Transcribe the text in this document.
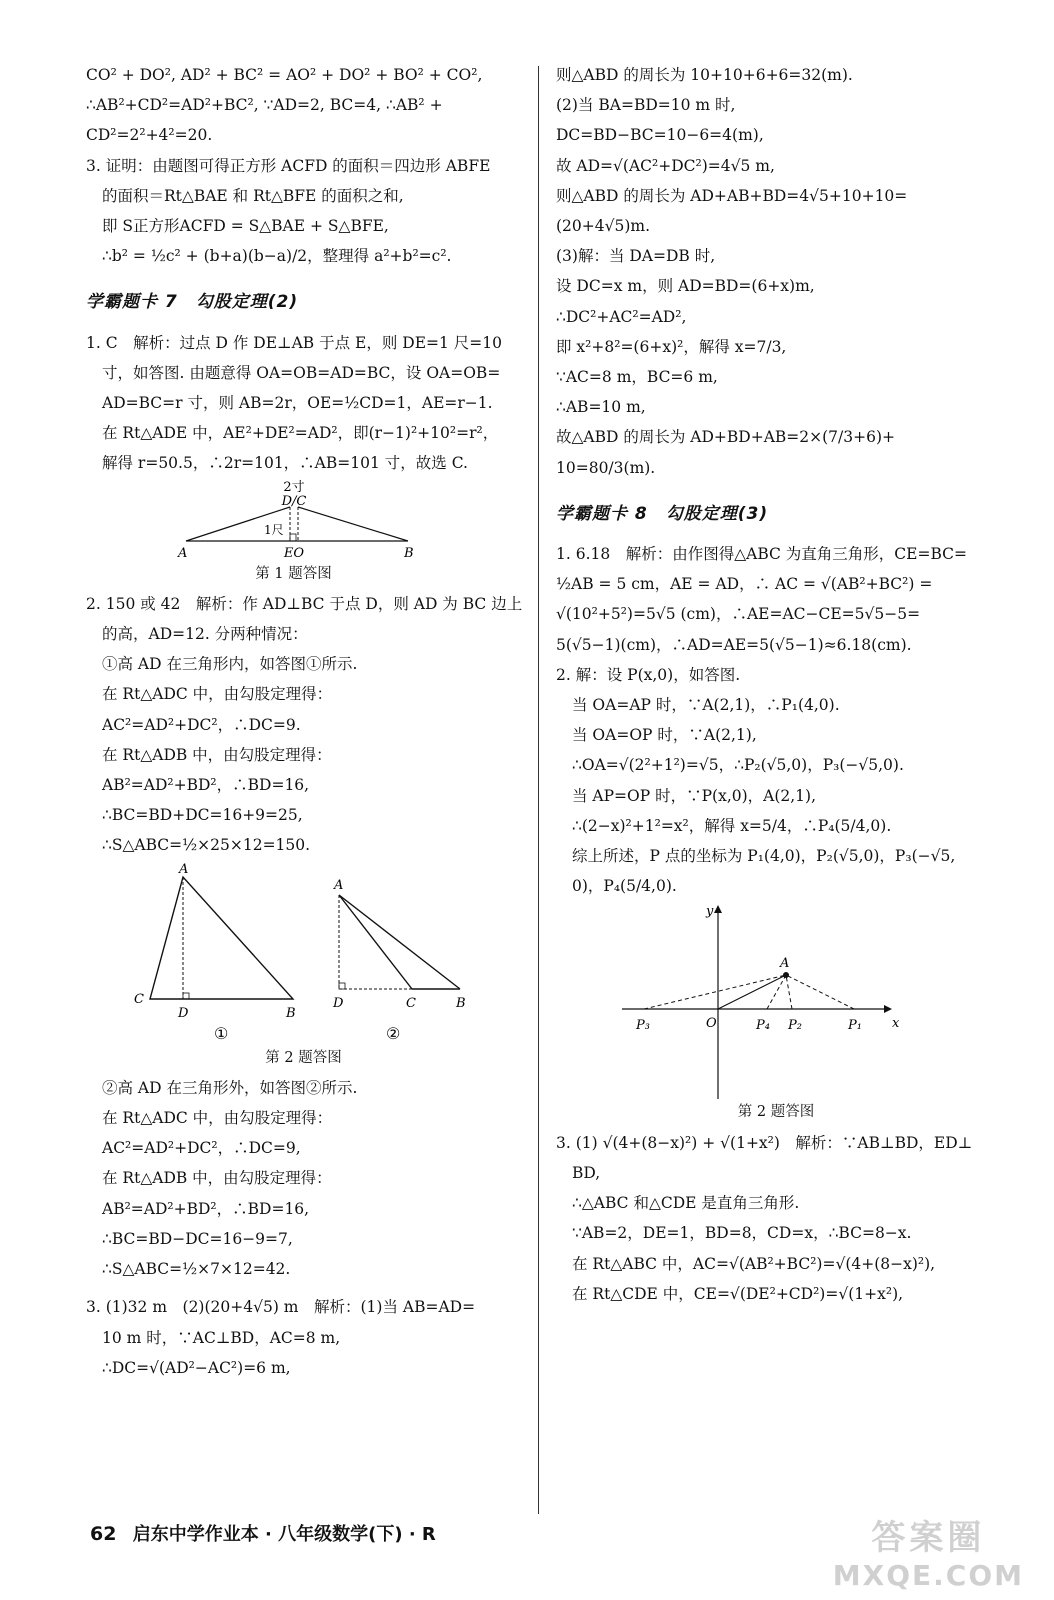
CO² + DO², AD² + BC² = AO² + DO² + BO² + CO²,
∴AB²+CD²=AD²+BC², ∵AD=2, BC=4, ∴AB² +
CD²=2²+4²=20.
3. 证明：由题图可得正方形 ACFD 的面积＝四边形 ABFE
的面积＝Rt△BAE 和 Rt△BFE 的面积之和,
即 S正方形ACFD = S△BAE + S△BFE,
∴b² = ½c² + (b+a)(b−a)/2，整理得 a²+b²=c².
学霸题卡 7　勾股定理(2)
1. C　解析：过点 D 作 DE⊥AB 于点 E，则 DE=1 尺=10
寸，如答图. 由题意得 OA=OB=AD=BC，设 OA=OB=
AD=BC=r 寸，则 AB=2r，OE=½CD=1，AE=r−1.
在 Rt△ADE 中，AE²+DE²=AD²，即(r−1)²+10²=r²，
解得 r=50.5，∴2r=101，∴AB=101 寸，故选 C.
2寸
D/C
1尺
A	EO	B
第 1 题答图
2. 150 或 42　解析：作 AD⊥BC 于点 D，则 AD 为 BC 边上
的高，AD=12. 分两种情况：
①高 AD 在三角形内，如答图①所示.
在 Rt△ADC 中，由勾股定理得：
AC²=AD²+DC²，∴DC=9.
在 Rt△ADB 中，由勾股定理得：
AB²=AD²+BD²，∴BD=16,
∴BC=BD+DC=16+9=25,
∴S△ABC=½×25×12=150.
A
C
D	B
①
A
D	C	B
②
第 2 题答图
②高 AD 在三角形外，如答图②所示.
在 Rt△ADC 中，由勾股定理得：
AC²=AD²+DC²，∴DC=9,
在 Rt△ADB 中，由勾股定理得：
AB²=AD²+BD²，∴BD=16,
∴BC=BD−DC=16−9=7,
∴S△ABC=½×7×12=42.
3. (1)32 m　(2)(20+4√5) m　解析：(1)当 AB=AD=
10 m 时，∵AC⊥BD，AC=8 m,
∴DC=√(AD²−AC²)=6 m,
则△ABD 的周长为 10+10+6+6=32(m).
(2)当 BA=BD=10 m 时,
DC=BD−BC=10−6=4(m),
故 AD=√(AC²+DC²)=4√5 m,
则△ABD 的周长为 AD+AB+BD=4√5+10+10=
(20+4√5)m.
(3)解：当 DA=DB 时,
设 DC=x m，则 AD=BD=(6+x)m,
∴DC²+AC²=AD²,
即 x²+8²=(6+x)²，解得 x=7/3,
∵AC=8 m，BC=6 m,
∴AB=10 m,
故△ABD 的周长为 AD+BD+AB=2×(7/3+6)+
10=80/3(m).
学霸题卡 8　勾股定理(3)
1. 6.18　解析：由作图得△ABC 为直角三角形，CE=BC=
½AB = 5 cm，AE = AD，∴ AC = √(AB²+BC²) =
√(10²+5²)=5√5 (cm)，∴AE=AC−CE=5√5−5=
5(√5−1)(cm)，∴AD=AE=5(√5−1)≈6.18(cm).
2. 解：设 P(x,0)，如答图.
当 OA=AP 时，∵A(2,1)，∴P₁(4,0).
当 OA=OP 时，∵A(2,1),
∴OA=√(2²+1²)=√5，∴P₂(√5,0)，P₃(−√5,0).
当 AP=OP 时，∵P(x,0)，A(2,1),
∴(2−x)²+1²=x²，解得 x=5/4，∴P₄(5/4,0).
综上所述，P 点的坐标为 P₁(4,0)，P₂(√5,0)，P₃(−√5,
0)，P₄(5/4,0).
y
x
O
A
P₃	P₄ P₂	P₁
第 2 题答图
3. (1) √(4+(8−x)²) + √(1+x²)　解析：∵AB⊥BD，ED⊥
BD,
∴△ABC 和△CDE 是直角三角形.
∵AB=2，DE=1，BD=8，CD=x，∴BC=8−x.
在 Rt△ABC 中，AC=√(AB²+BC²)=√(4+(8−x)²),
在 Rt△CDE 中，CE=√(DE²+CD²)=√(1+x²),
62 启东中学作业本 · 八年级数学(下) · R	答案圈
MXQE.COM
